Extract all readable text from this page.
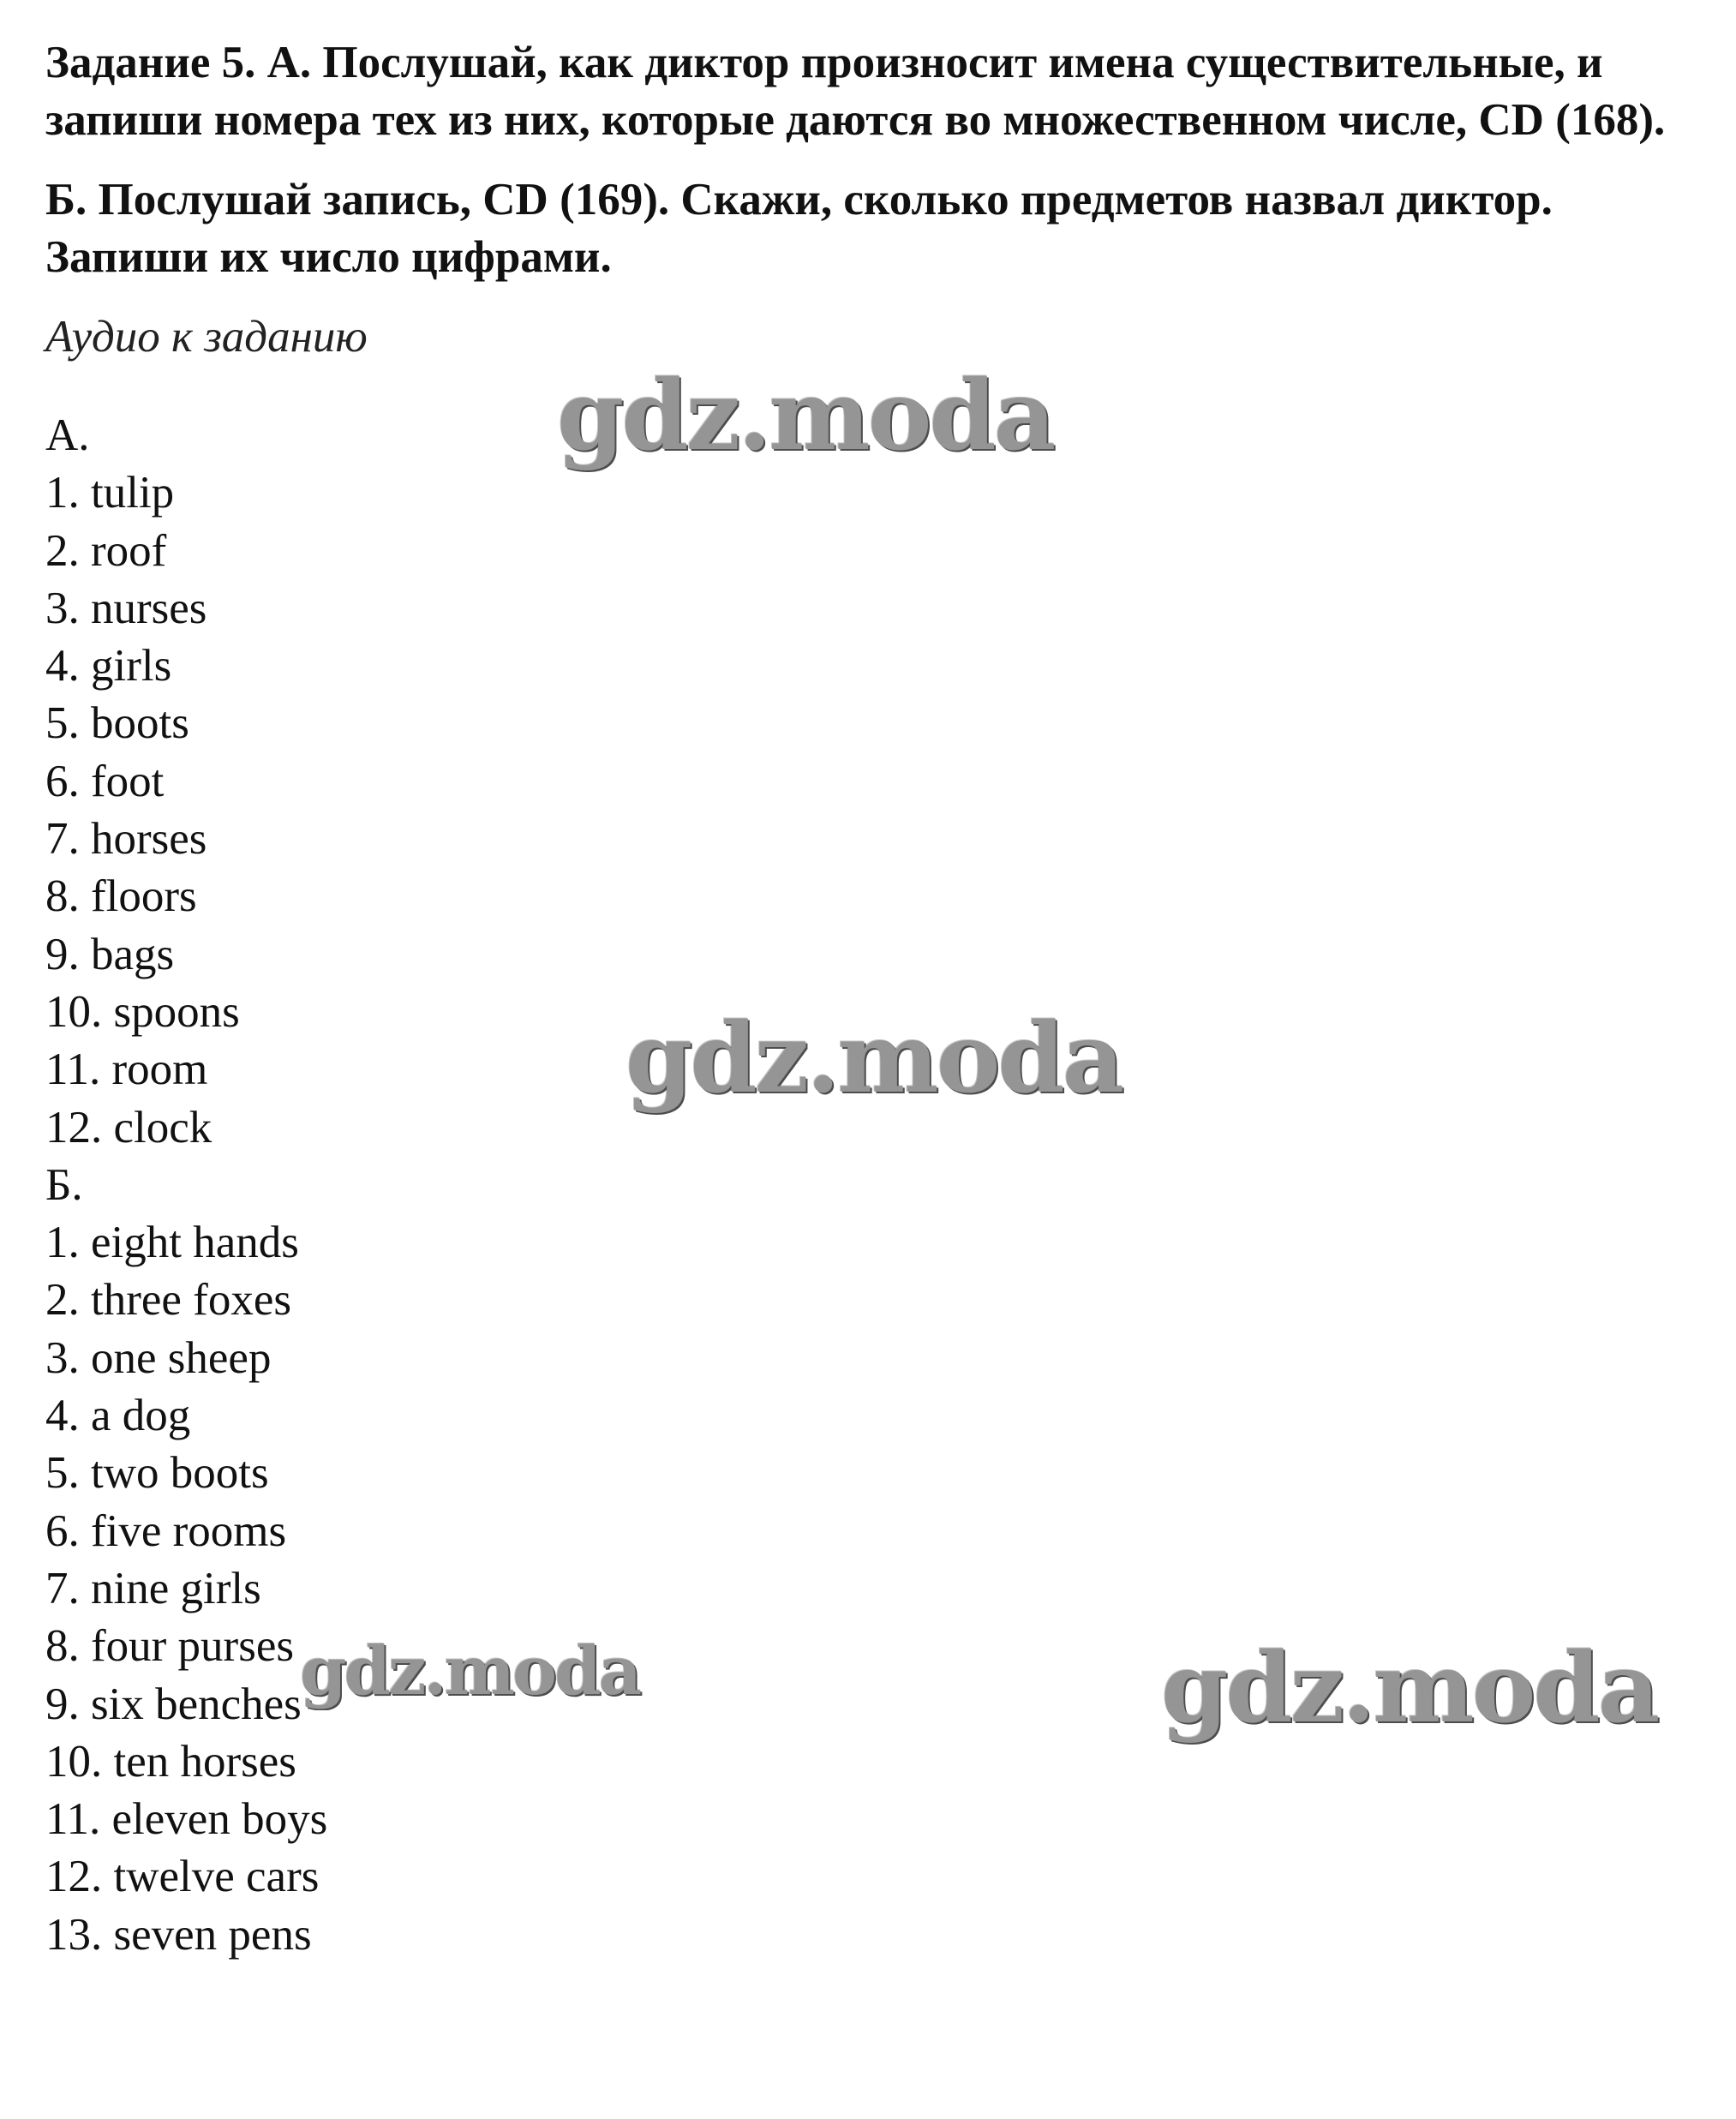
Задание 5. А. Послушай, как диктор произносит имена существительные, и запиши номера тех из них, которые даются во множественном числе, CD (168).

Б. Послушай запись, CD (169). Скажи, сколько предметов назвал диктор. Запиши их число цифрами.

Аудио к заданию

А.

1. tulip
2. roof
3. nurses
4. girls
5. boots
6. foot
7. horses
8. floors
9. bags
10. spoons
11. room
12. clock

Б.

1. eight hands
2. three foxes
3. one sheep
4. a dog
5. two boots
6. five rooms
7. nine girls
8. four purses
9. six benches
10. ten horses
11. eleven boys
12. twelve cars
13. seven pens
gdz.moda
gdz.moda
gdz.moda	gdz.moda
